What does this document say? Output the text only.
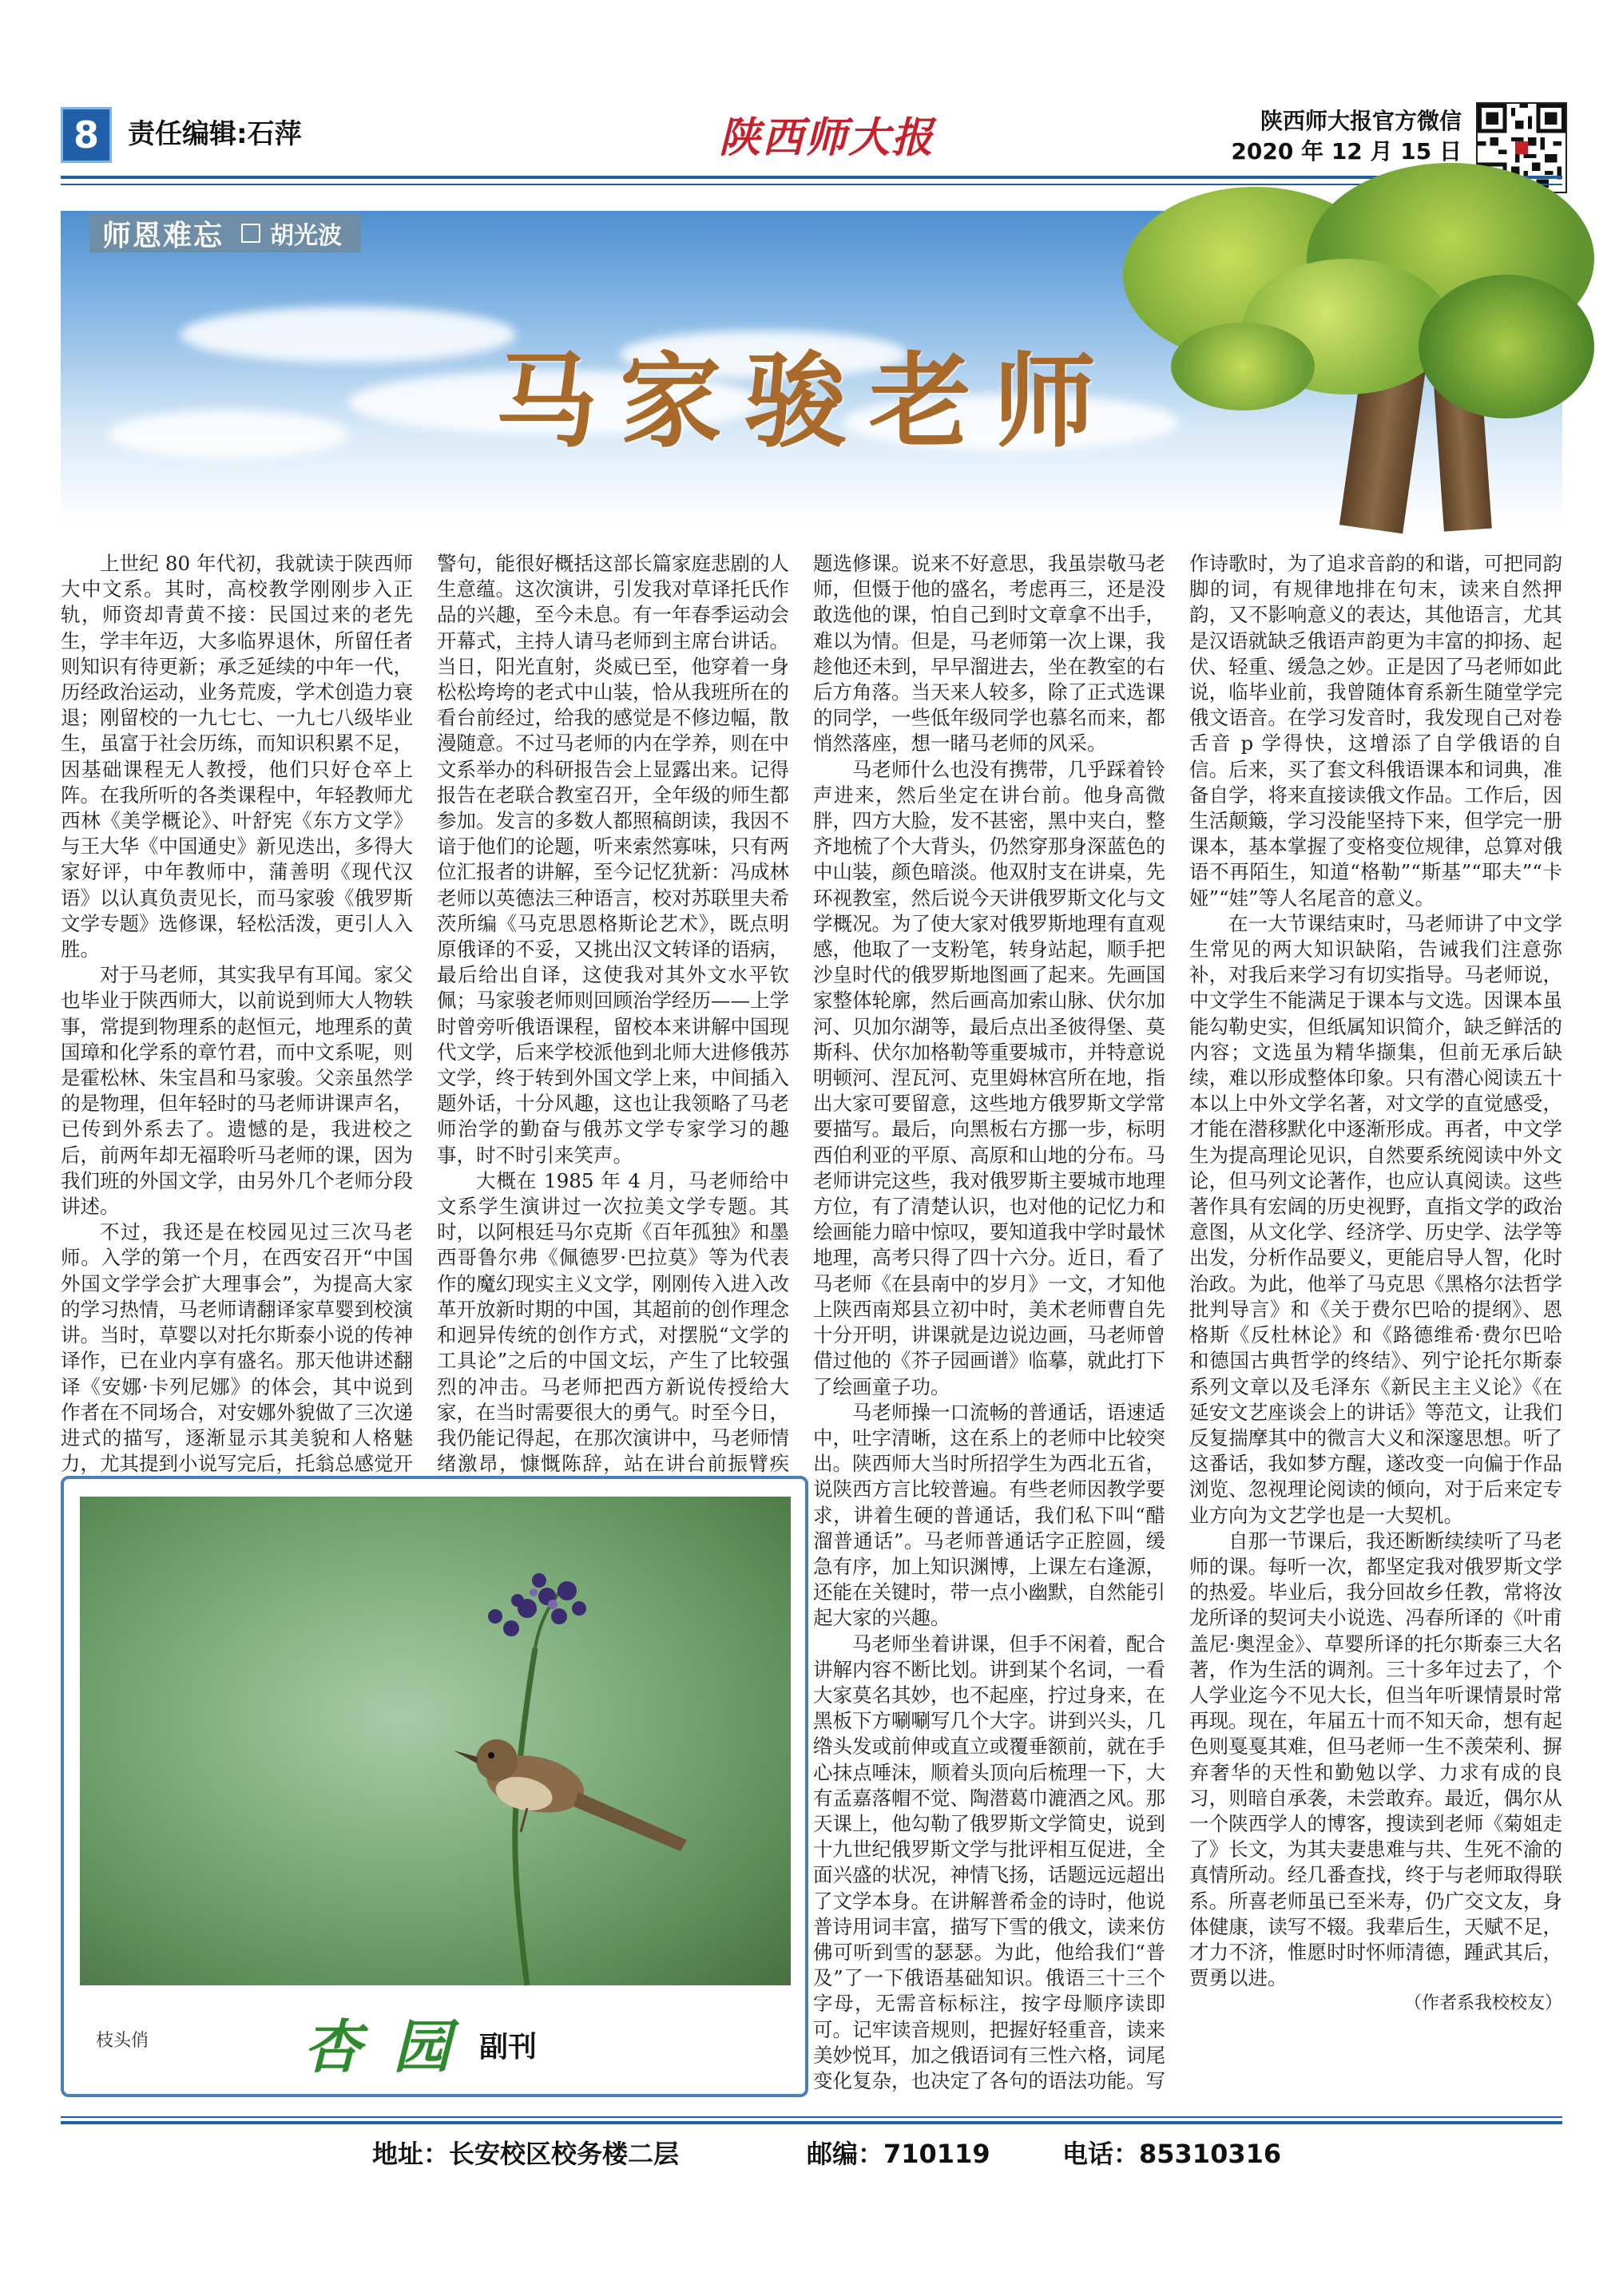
8	责任编辑:石萍	陕西师大报	陕西师大报官方微信
2020 年 12 月 15 日
师恩难忘 胡光波
马家骏老师

上世纪 80 年代初，我就读于陕西师大中文系。其时，高校教学刚刚步入正轨，师资却青黄不接：民国过来的老先生，学丰年迈，大多临界退休，所留任者则知识有待更新；承乏延续的中年一代，历经政治运动，业务荒废，学术创造力衰退；刚留校的一九七七、一九七八级毕业生，虽富于社会历练，而知识积累不足，因基础课程无人教授，他们只好仓卒上阵。在我所听的各类课程中，年轻教师尤西林《美学概论》、叶舒宪《东方文学》与王大华《中国通史》新见迭出，多得大家好评，中年教师中，蒲善明《现代汉语》以认真负责见长，而马家骏《俄罗斯文学专题》选修课，轻松活泼，更引人入胜。

对于马老师，其实我早有耳闻。家父也毕业于陕西师大，以前说到师大人物轶事，常提到物理系的赵恒元，地理系的黄国璋和化学系的章竹君，而中文系呢，则是霍松林、朱宝昌和马家骏。父亲虽然学的是物理，但年轻时的马老师讲课声名，已传到外系去了。遗憾的是，我进校之后，前两年却无福聆听马老师的课，因为我们班的外国文学，由另外几个老师分段讲述。

不过，我还是在校园见过三次马老师。入学的第一个月，在西安召开“中国外国文学学会扩大理事会”，为提高大家的学习热情，马老师请翻译家草婴到校演讲。当时，草婴以对托尔斯泰小说的传神译作，已在业内享有盛名。那天他讲述翻译《安娜·卡列尼娜》的体会，其中说到作者在不同场合，对安娜外貌做了三次递进式的描写，逐渐显示其美貌和人格魅力，尤其提到小说写完后，托翁总感觉开

警句，能很好概括这部长篇家庭悲剧的人生意蕴。这次演讲，引发我对草译托氏作品的兴趣，至今未息。有一年春季运动会开幕式，主持人请马老师到主席台讲话。当日，阳光直射，炎威已至，他穿着一身松松垮垮的老式中山装，恰从我班所在的看台前经过，给我的感觉是不修边幅，散漫随意。不过马老师的内在学养，则在中文系举办的科研报告会上显露出来。记得报告在老联合教室召开，全年级的师生都参加。发言的多数人都照稿朗读，我因不谙于他们的论题，听来索然寡味，只有两位汇报者的讲解，至今记忆犹新：冯成林老师以英德法三种语言，校对苏联里夫希茨所编《马克思恩格斯论艺术》，既点明原俄译的不妥，又挑出汉文转译的语病，最后给出自译，这使我对其外文水平钦佩；马家骏老师则回顾治学经历——上学时曾旁听俄语课程，留校本来讲解中国现代文学，后来学校派他到北师大进修俄苏文学，终于转到外国文学上来，中间插入题外话，十分风趣，这也让我领略了马老师治学的勤奋与俄苏文学专家学习的趣事，时不时引来笑声。

大概在 1985 年 4 月，马老师给中文系学生演讲过一次拉美文学专题。其时，以阿根廷马尔克斯《百年孤独》和墨西哥鲁尔弗《佩德罗·巴拉莫》等为代表作的魔幻现实主义文学，刚刚传入进入改革开放新时期的中国，其超前的创作理念和迥异传统的创作方式，对摆脱“文学的工具论”之后的中国文坛，产生了比较强烈的冲击。马老师把西方新说传授给大家，在当时需要很大的勇气。时至今日，我仍能记得起，在那次演讲中，马老师情绪激昂，慷慨陈辞，站在讲台前振臂疾

题选修课。说来不好意思，我虽崇敬马老师，但慑于他的盛名，考虑再三，还是没敢选他的课，怕自己到时文章拿不出手，难以为情。但是，马老师第一次上课，我趁他还未到，早早溜进去，坐在教室的右后方角落。当天来人较多，除了正式选课的同学，一些低年级同学也慕名而来，都悄然落座，想一睹马老师的风采。

马老师什么也没有携带，几乎踩着铃声进来，然后坐定在讲台前。他身高微胖，四方大脸，发不甚密，黑中夹白，整齐地梳了个大背头，仍然穿那身深蓝色的中山装，颜色暗淡。他双肘支在讲桌，先环视教室，然后说今天讲俄罗斯文化与文学概况。为了使大家对俄罗斯地理有直观感，他取了一支粉笔，转身站起，顺手把沙皇时代的俄罗斯地图画了起来。先画国家整体轮廓，然后画高加索山脉、伏尔加河、贝加尔湖等，最后点出圣彼得堡、莫斯科、伏尔加格勒等重要城市，并特意说明顿河、涅瓦河、克里姆林宫所在地，指出大家可要留意，这些地方俄罗斯文学常要描写。最后，向黑板右方挪一步，标明西伯利亚的平原、高原和山地的分布。马老师讲完这些，我对俄罗斯主要城市地理方位，有了清楚认识，也对他的记忆力和绘画能力暗中惊叹，要知道我中学时最怵地理，高考只得了四十六分。近日，看了马老师《在县南中的岁月》一文，才知他上陕西南郑县立初中时，美术老师曹自先十分开明，讲课就是边说边画，马老师曾借过他的《芥子园画谱》临摹，就此打下了绘画童子功。

马老师操一口流畅的普通话，语速适中，吐字清晰，这在系上的老师中比较突出。陕西师大当时所招学生为西北五省，说陕西方言比较普遍。有些老师因教学要求，讲着生硬的普通话，我们私下叫“醋溜普通话”。马老师普通话字正腔圆，缓急有序，加上知识渊博，上课左右逢源，还能在关键时，带一点小幽默，自然能引起大家的兴趣。

马老师坐着讲课，但手不闲着，配合讲解内容不断比划。讲到某个名词，一看大家莫名其妙，也不起座，拧过身来，在黑板下方唰唰写几个大字。讲到兴头，几绺头发或前伸或直立或覆垂额前，就在手心抹点唾沫，顺着头顶向后梳理一下，大有孟嘉落帽不觉、陶潜葛巾漉酒之风。那天课上，他勾勒了俄罗斯文学简史，说到十九世纪俄罗斯文学与批评相互促进，全面兴盛的状况，神情飞扬，话题远远超出了文学本身。在讲解普希金的诗时，他说普诗用词丰富，描写下雪的俄文，读来仿佛可听到雪的瑟瑟。为此，他给我们“普及”了一下俄语基础知识。俄语三十三个字母，无需音标标注，按字母顺序读即可。记牢读音规则，把握好轻重音，读来美妙悦耳，加之俄语词有三性六格，词尾变化复杂，也决定了各句的语法功能。写

作诗歌时，为了追求音韵的和谐，可把同韵脚的词，有规律地排在句末，读来自然押韵，又不影响意义的表达，其他语言，尤其是汉语就缺乏俄语声韵更为丰富的抑扬、起伏、轻重、缓急之妙。正是因了马老师如此说，临毕业前，我曾随体育系新生随堂学完俄文语音。在学习发音时，我发现自己对卷舌音 p 学得快，这增添了自学俄语的自信。后来，买了套文科俄语课本和词典，准备自学，将来直接读俄文作品。工作后，因生活颠簸，学习没能坚持下来，但学完一册课本，基本掌握了变格变位规律，总算对俄语不再陌生，知道“格勒”“斯基”“耶夫”“卡娅”“娃”等人名尾音的意义。

在一大节课结束时，马老师讲了中文学生常见的两大知识缺陷，告诫我们注意弥补，对我后来学习有切实指导。马老师说，中文学生不能满足于课本与文选。因课本虽能勾勒史实，但纸属知识简介，缺乏鲜活的内容；文选虽为精华撷集，但前无承后缺续，难以形成整体印象。只有潜心阅读五十本以上中外文学名著，对文学的直觉感受，才能在潜移默化中逐渐形成。再者，中文学生为提高理论见识，自然要系统阅读中外文论，但马列文论著作，也应认真阅读。这些著作具有宏阔的历史视野，直指文学的政治意图，从文化学、经济学、历史学、法学等出发，分析作品要义，更能启导人智，化时治政。为此，他举了马克思《黑格尔法哲学批判导言》和《关于费尔巴哈的提纲》、恩格斯《反杜林论》和《路德维希·费尔巴哈和德国古典哲学的终结》、列宁论托尔斯泰系列文章以及毛泽东《新民主主义论》《在延安文艺座谈会上的讲话》等范文，让我们反复揣摩其中的微言大义和深邃思想。听了这番话，我如梦方醒，遂改变一向偏于作品浏览、忽视理论阅读的倾向，对于后来定专业方向为文艺学也是一大契机。

自那一节课后，我还断断续续听了马老师的课。每听一次，都坚定我对俄罗斯文学的热爱。毕业后，我分回故乡任教，常将汝龙所译的契诃夫小说选、冯春所译的《叶甫盖尼·奥涅金》、草婴所译的托尔斯泰三大名著，作为生活的调剂。三十多年过去了，个人学业迄今不见大长，但当年听课情景时常再现。现在，年届五十而不知天命，想有起色则戛戛其难，但马老师一生不羡荣利、摒弃奢华的天性和勤勉以学、力求有成的良习，则暗自承袭，未尝敢弃。最近，偶尔从一个陕西学人的博客，搜读到老师《菊姐走了》长文，为其夫妻患难与共、生死不渝的真情所动。经几番查找，终于与老师取得联系。所喜老师虽已至米寿，仍广交文友，身体健康，读写不辍。我辈后生，天赋不足，才力不济，惟愿时时怀师清德，踵武其后，贾勇以进。

（作者系我校校友）

枝头俏	杏园
副刊
地址：长安校区校务楼二层	邮编：710119	电话：85310316
